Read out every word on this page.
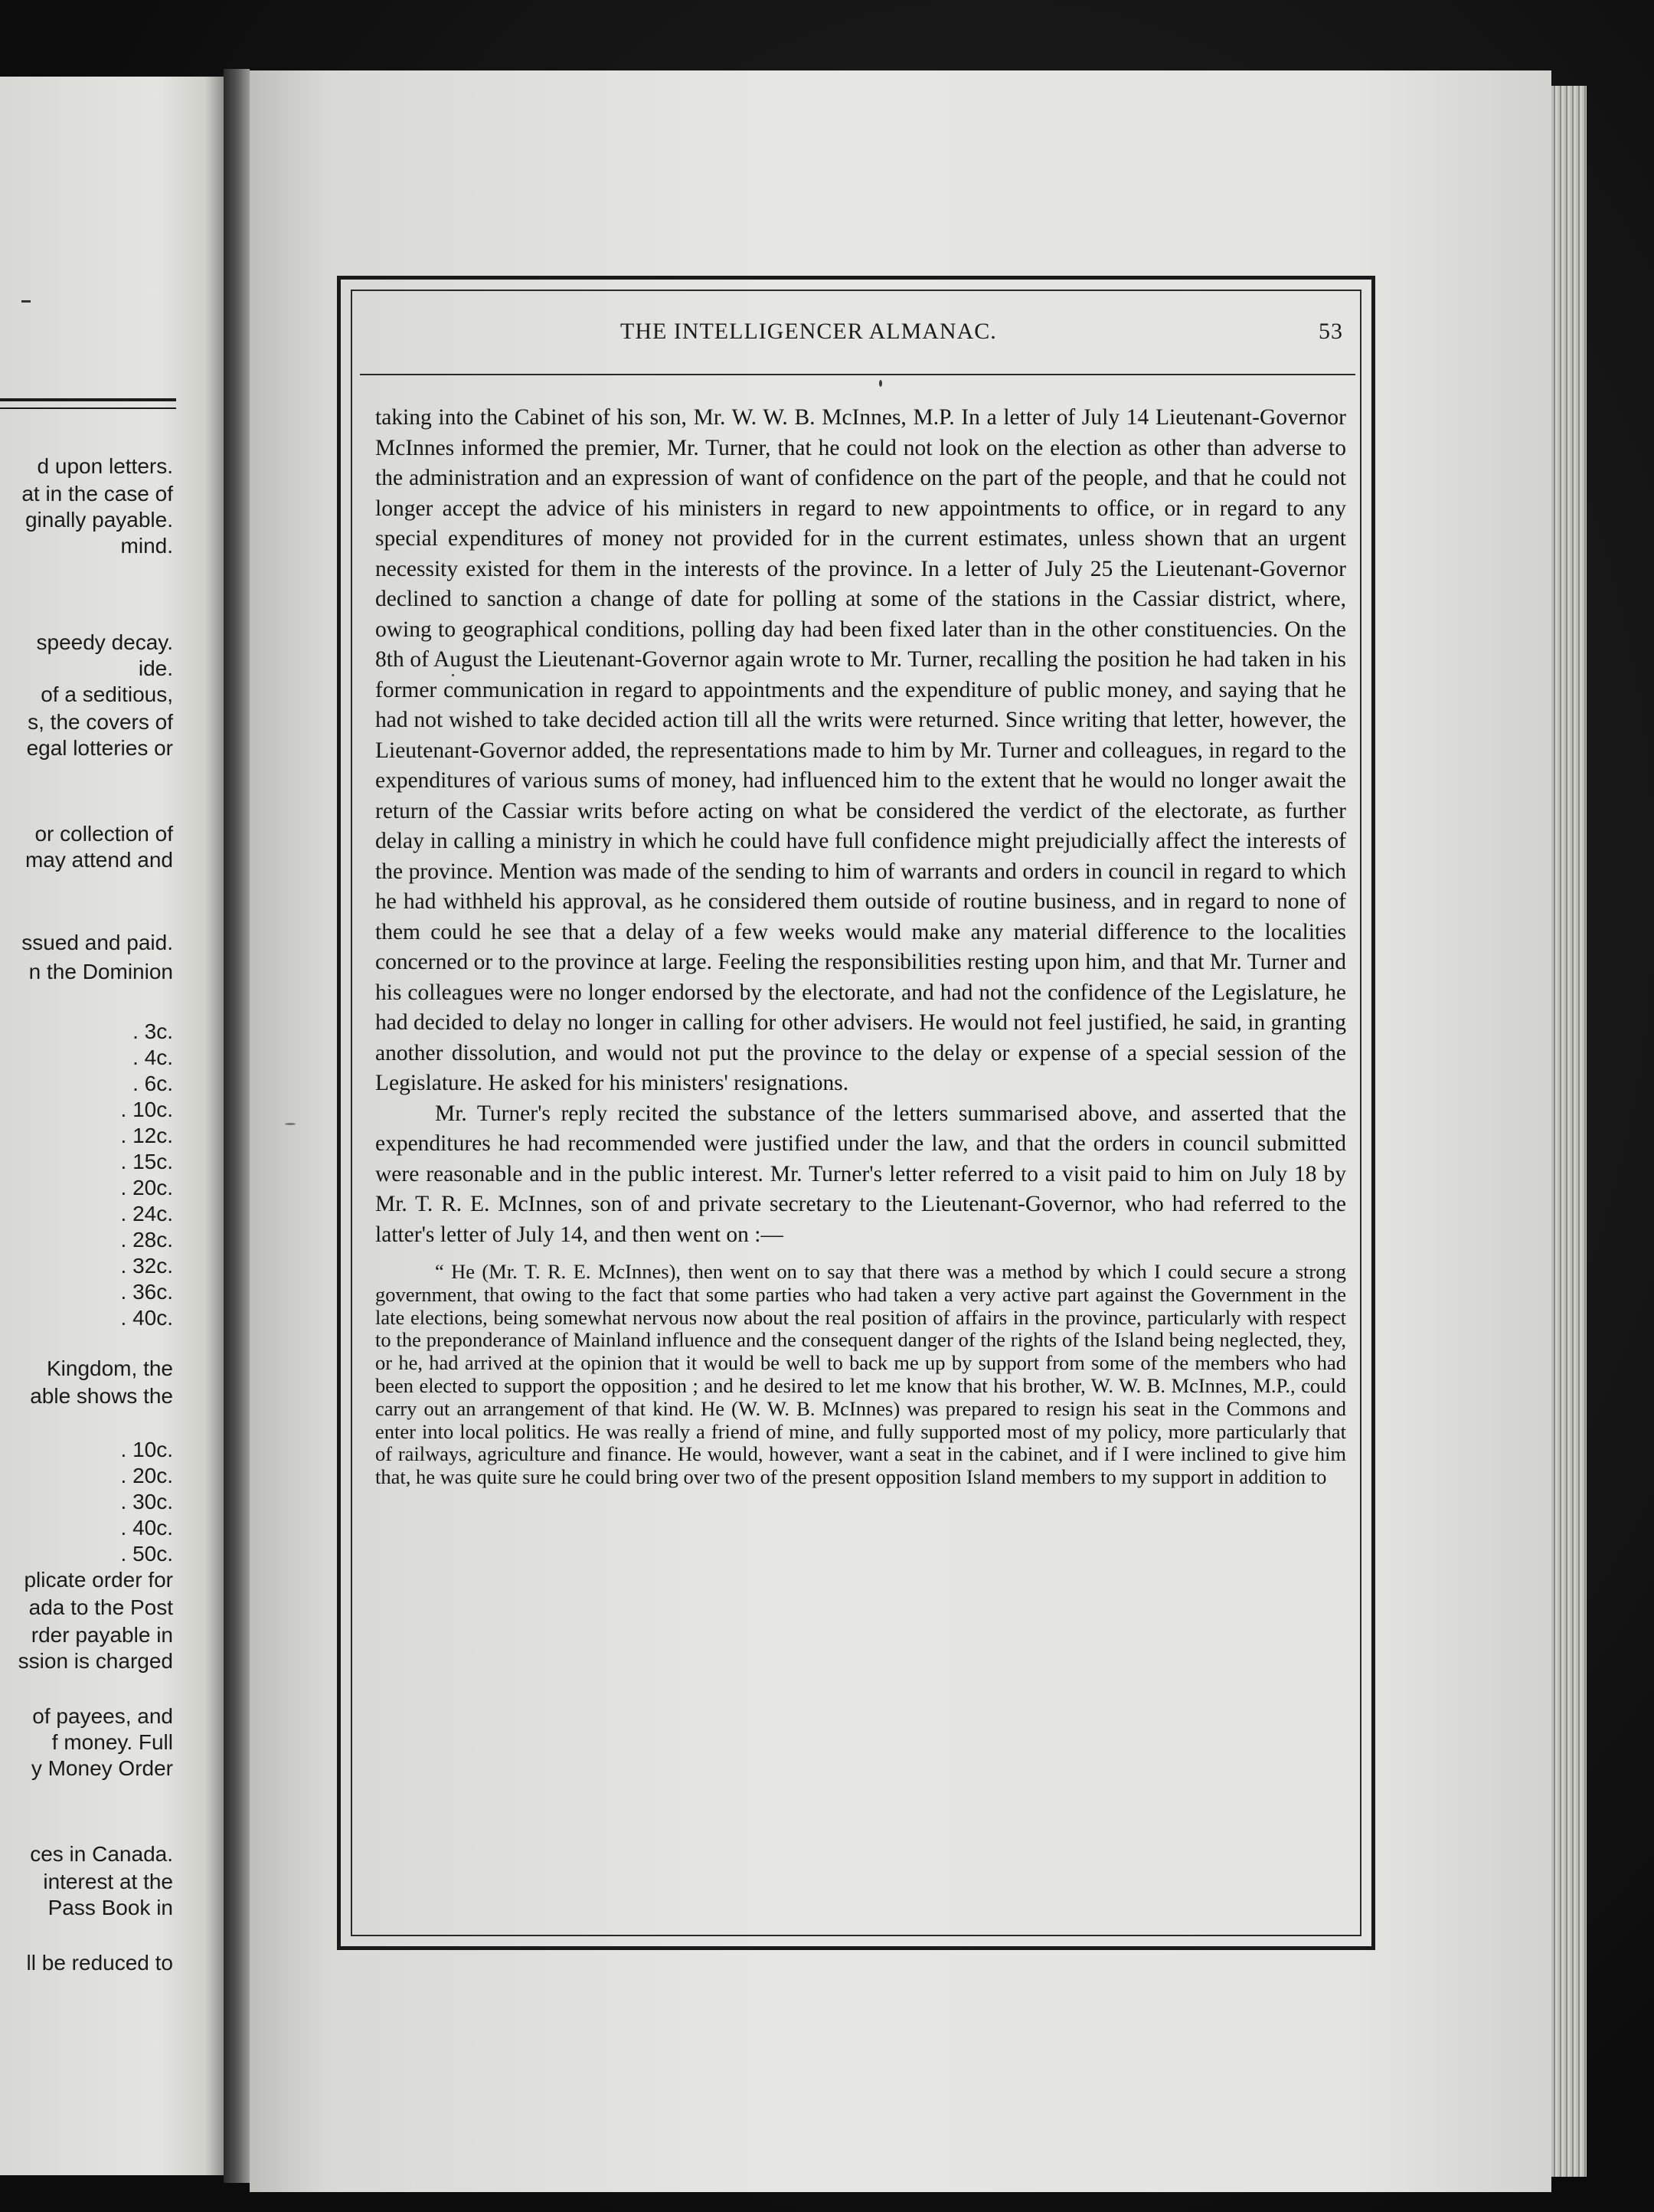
d upon letters.
at in the case of
ginally payable.
mind.
speedy decay.
ide.
of a seditious,
s, the covers of
egal lotteries or
or collection of
may attend and
ssued and paid.
n the Dominion
. 3c.
. 4c.
. 6c.
. 10c.
. 12c.
. 15c.
. 20c.
. 24c.
. 28c.
. 32c.
. 36c.
. 40c.
Kingdom, the
able shows the
. 10c.
. 20c.
. 30c.
. 40c.
. 50c.
plicate order for
ada to the Post
rder payable in
ssion is charged
of payees, and
f money. Full
y Money Order
ces in Canada.
interest at the
Pass Book in
ll be reduced to
THE INTELLIGENCER ALMANAC.	53

taking into the Cabinet of his son, Mr. W. W. B. McInnes, M.P. In a letter of July 14 Lieutenant-Governor McInnes informed the premier, Mr. Turner, that he could not look on the election as other than adverse to the administration and an expression of want of confidence on the part of the people, and that he could not longer accept the advice of his ministers in regard to new appointments to office, or in regard to any special expenditures of money not provided for in the current estimates, unless shown that an urgent necessity existed for them in the interests of the province. In a letter of July 25 the Lieutenant-Governor declined to sanction a change of date for polling at some of the stations in the Cassiar district, where, owing to geographical conditions, polling day had been fixed later than in the other constituencies. On the 8th of August the Lieutenant-Governor again wrote to Mr. Turner, recalling the position he had taken in his former communication in regard to appointments and the expenditure of public money, and saying that he had not wished to take decided action till all the writs were returned. Since writing that letter, however, the Lieutenant-Governor added, the representations made to him by Mr. Turner and colleagues, in regard to the expenditures of various sums of money, had influenced him to the extent that he would no longer await the return of the Cassiar writs before acting on what be considered the verdict of the electorate, as further delay in calling a ministry in which he could have full confidence might prejudicially affect the interests of the province. Mention was made of the sending to him of warrants and orders in council in regard to which he had withheld his approval, as he considered them outside of routine business, and in regard to none of them could he see that a delay of a few weeks would make any material difference to the localities concerned or to the province at large. Feeling the responsibilities resting upon him, and that Mr. Turner and his colleagues were no longer endorsed by the electorate, and had not the confidence of the Legislature, he had decided to delay no longer in calling for other advisers. He would not feel justified, he said, in granting another dissolution, and would not put the province to the delay or expense of a special session of the Legislature. He asked for his ministers' resignations.

Mr. Turner's reply recited the substance of the letters summarised above, and asserted that the expenditures he had recommended were justified under the law, and that the orders in council submitted were reasonable and in the public interest. Mr. Turner's letter referred to a visit paid to him on July 18 by Mr. T. R. E. McInnes, son of and private secretary to the Lieutenant-Governor, who had referred to the latter's letter of July 14, and then went on :—

“ He (Mr. T. R. E. McInnes), then went on to say that there was a method by which I could secure a strong government, that owing to the fact that some parties who had taken a very active part against the Government in the late elections, being somewhat nervous now about the real position of affairs in the province, particularly with respect to the preponderance of Mainland influence and the consequent danger of the rights of the Island being neglected, they, or he, had arrived at the opinion that it would be well to back me up by support from some of the members who had been elected to support the opposition ; and he desired to let me know that his brother, W. W. B. McInnes, M.P., could carry out an arrangement of that kind. He (W. W. B. McInnes) was prepared to resign his seat in the Commons and enter into local politics. He was really a friend of mine, and fully supported most of my policy, more particularly that of railways, agriculture and finance. He would, however, want a seat in the cabinet, and if I were inclined to give him that, he was quite sure he could bring over two of the present opposition Island members to my support in addition to
